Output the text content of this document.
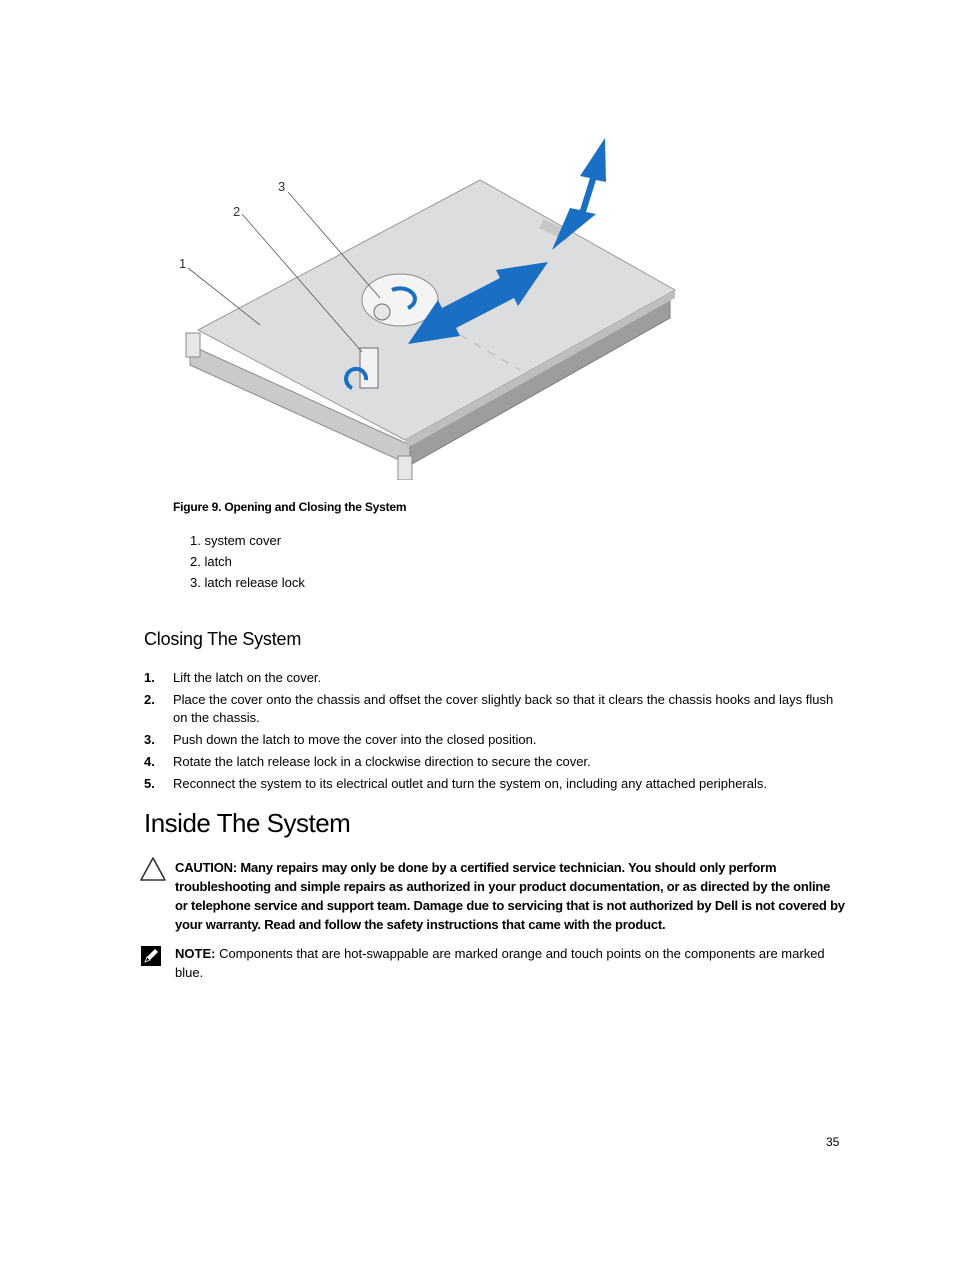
1
2
3
Figure 9. Opening and Closing the System
1. system cover
2. latch
3. latch release lock
Closing The System
1. Lift the latch on the cover.
2. Place the cover onto the chassis and offset the cover slightly back so that it clears the chassis hooks and lays flush on the chassis.
3. Push down the latch to move the cover into the closed position.
4. Rotate the latch release lock in a clockwise direction to secure the cover.
5. Reconnect the system to its electrical outlet and turn the system on, including any attached peripherals.
Inside The System
CAUTION: Many repairs may only be done by a certified service technician. You should only perform troubleshooting and simple repairs as authorized in your product documentation, or as directed by the online or telephone service and support team. Damage due to servicing that is not authorized by Dell is not covered by your warranty. Read and follow the safety instructions that came with the product.
NOTE: Components that are hot-swappable are marked orange and touch points on the components are marked blue.
35
